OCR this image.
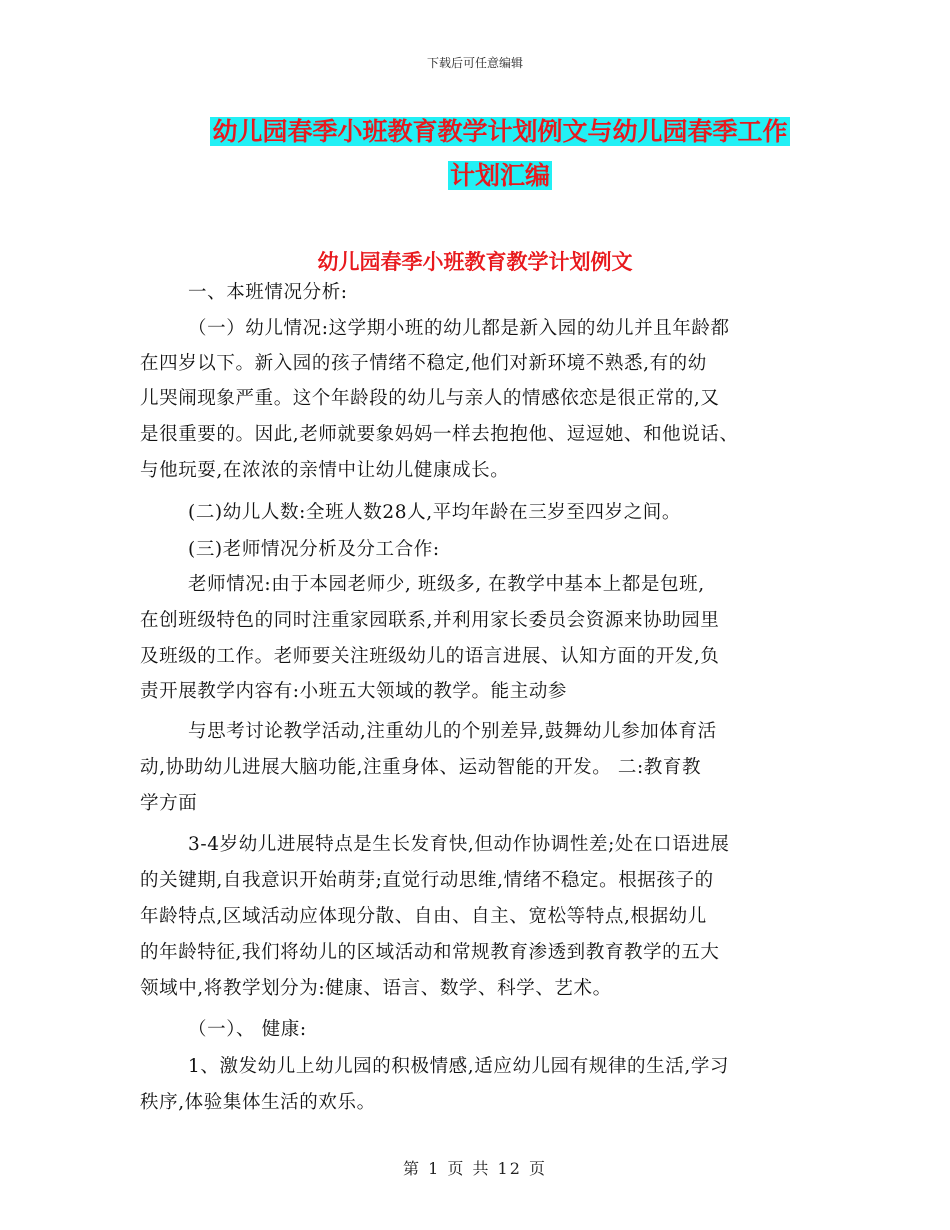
下载后可任意编辑
幼儿园春季小班教育教学计划例文与幼儿园春季工作
计划汇编
幼儿园春季小班教育教学计划例文
一、本班情况分析:
（一）幼儿情况:这学期小班的幼儿都是新入园的幼儿并且年龄都
在四岁以下。新入园的孩子情绪不稳定,他们对新环境不熟悉,有的幼
儿哭闹现象严重。这个年龄段的幼儿与亲人的情感依恋是很正常的,又
是很重要的。因此,老师就要象妈妈一样去抱抱他、逗逗她、和他说话、
与他玩耍,在浓浓的亲情中让幼儿健康成长。
(二)幼儿人数:全班人数28人,平均年龄在三岁至四岁之间。
(三)老师情况分析及分工合作:
老师情况:由于本园老师少, 班级多, 在教学中基本上都是包班,
在创班级特色的同时注重家园联系,并利用家长委员会资源来协助园里
及班级的工作。老师要关注班级幼儿的语言进展、认知方面的开发,负
责开展教学内容有:小班五大领域的教学。能主动参
与思考讨论教学活动,注重幼儿的个别差异,鼓舞幼儿参加体育活
动,协助幼儿进展大脑功能,注重身体、运动智能的开发。 二:教育教
学方面
3-4岁幼儿进展特点是生长发育快,但动作协调性差;处在口语进展
的关键期,自我意识开始萌芽;直觉行动思维,情绪不稳定。根据孩子的
年龄特点,区域活动应体现分散、自由、自主、宽松等特点,根据幼儿
的年龄特征,我们将幼儿的区域活动和常规教育渗透到教育教学的五大
领域中,将教学划分为:健康、语言、数学、科学、艺术。
（一）、 健康:
1、激发幼儿上幼儿园的积极情感,适应幼儿园有规律的生活,学习
秩序,体验集体生活的欢乐。
第 1 页 共 12 页
